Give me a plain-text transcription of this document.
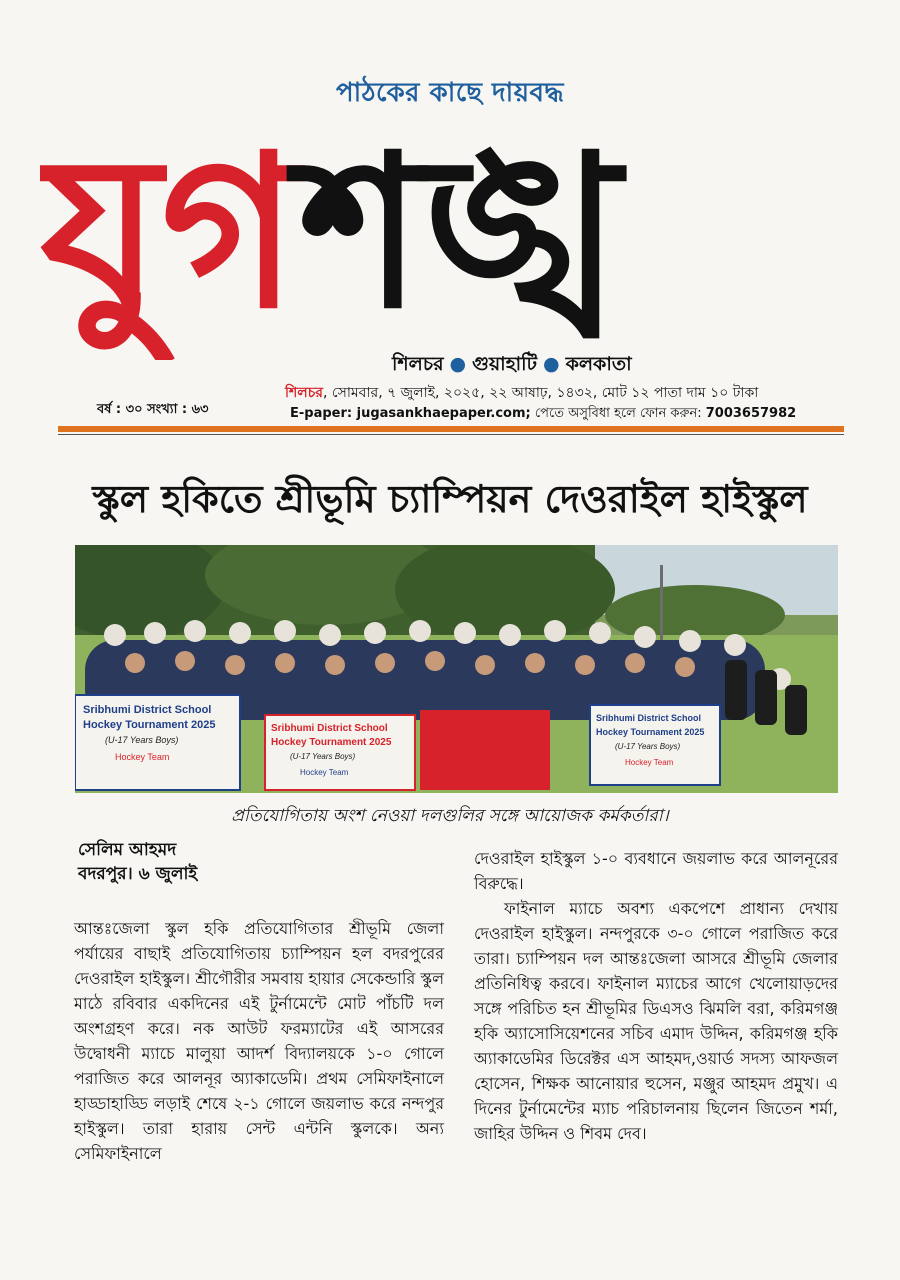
পাঠকের কাছে দায়বদ্ধ
যুগশঙ্খ
শিলচর ● গুয়াহাটি ● কলকাতা
শিলচর, সোমবার, ৭ জুলাই, ২০২৫, ২২ আষাঢ়, ১৪৩২, মোট ১২ পাতা দাম ১০ টাকা
বর্ষ : ৩০ সংখ্যা : ৬৩	E-paper: jugasankhaepaper.com; পেতে অসুবিধা হলে ফোন করুন: 7003657982
স্কুল হকিতে শ্রীভূমি চ্যাম্পিয়ন দেওরাইল হাইস্কুল
Sribhumi District School
Hockey Tournament 2025
(U-17 Years Boys)
Hockey Team
Sribhumi District School
Hockey Tournament 2025
(U-17 Years Boys)
Hockey Team
Sribhumi District School
Hockey Tournament 2025
(U-17 Years Boys)
Hockey Team
প্রতিযোগিতায় অংশ নেওয়া দলগুলির সঙ্গে আয়োজক কর্মকর্তারা।
সেলিম আহমদ
বদরপুর। ৬ জুলাই

আন্তঃজেলা স্কুল হকি প্রতিযোগিতার শ্রীভূমি জেলা পর্যায়ের বাছাই প্রতিযোগিতায় চ্যাম্পিয়ন হল বদরপুরের দেওরাইল হাইস্কুল। শ্রীগৌরীর সমবায় হায়ার সেকেন্ডারি স্কুল মাঠে রবিবার একদিনের এই টুর্নামেন্টে মোট পাঁচটি দল অংশগ্রহণ করে। নক আউট ফরম্যাটের এই আসরের উদ্বোধনী ম্যাচে মালুয়া আদর্শ বিদ্যালয়কে ১-০ গোলে পরাজিত করে আলনূর অ্যাকাডেমি। প্রথম সেমিফাইনালে হাড্ডাহাড্ডি লড়াই শেষে ২-১ গোলে জয়লাভ করে নন্দপুর হাইস্কুল। তারা হারায় সেন্ট এন্টনি স্কুলকে। অন্য সেমিফাইনালে

দেওরাইল হাইস্কুল ১-০ ব্যবধানে জয়লাভ করে আলনূরের বিরুদ্ধে।

ফাইনাল ম্যাচে অবশ্য একপেশে প্রাধান্য দেখায় দেওরাইল হাইস্কুল। নন্দপুরকে ৩-০ গোলে পরাজিত করে তারা। চ্যাম্পিয়ন দল আন্তঃজেলা আসরে শ্রীভূমি জেলার প্রতিনিধিত্ব করবে। ফাইনাল ম্যাচের আগে খেলোয়াড়দের সঙ্গে পরিচিত হন শ্রীভূমির ডিএসও ঝিমলি বরা, করিমগঞ্জ হকি অ্যাসোসিয়েশনের সচিব এমাদ উদ্দিন, করিমগঞ্জ হকি অ্যাকাডেমির ডিরেক্টর এস আহমদ,ওয়ার্ড সদস্য আফজল হোসেন, শিক্ষক আনোয়ার হুসেন, মঞ্জুর আহমদ প্রমুখ। এ দিনের টুর্নামেন্টের ম্যাচ পরিচালনায় ছিলেন জিতেন শর্মা, জাহির উদ্দিন ও শিবম দেব।
